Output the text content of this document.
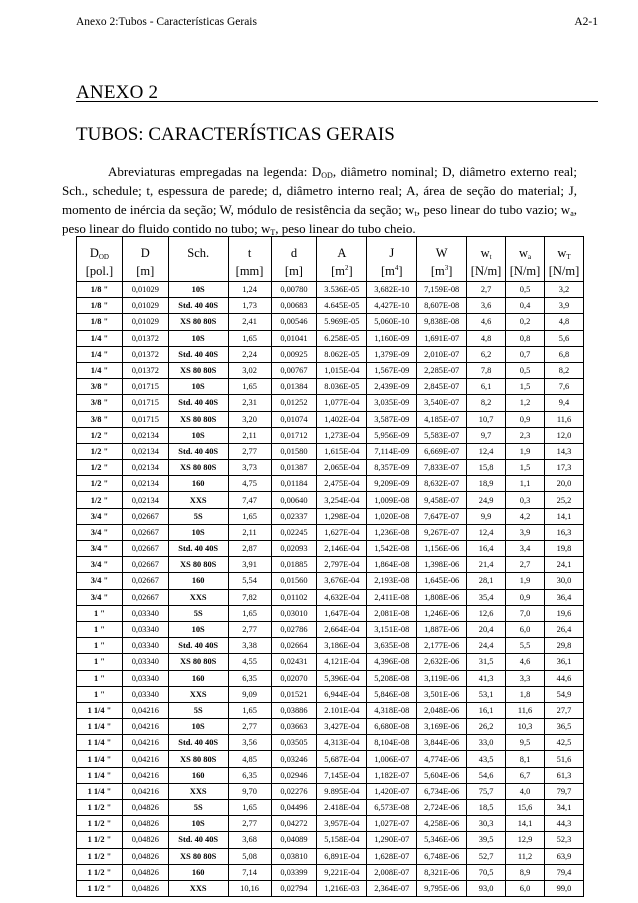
Anexo 2:Tubos - Características Gerais	A2-1
ANEXO 2
TUBOS: CARACTERÍSTICAS GERAIS
Abreviaturas empregadas na legenda: $D_{OD}$, diâmetro nominal; D, diâmetro externo real; Sch., schedule; t, espessura de parede; d, diâmetro interno real; A, área de seção do material; J, momento de inércia da seção; W, módulo de resistência da seção; $w_t$, peso linear do tubo vazio; $w_a$, peso linear do fluido contido no tubo; $w_T$, peso linear do tubo cheio.
$D_{OD}$	D	Sch.	t	d	A	J	W	$w_t$	$w_a$	$w_T$
[pol.]	[m]		[mm]	[m]	$[m^2]$	$[m^4]$	$[m^3]$	[N/m]	[N/m]	[N/m]
1/8 "	0,01029	10S	1,24	0,00780	3.536E-05	3,682E-10	7,159E-08	2,7	0,5	3,2
1/8 "	0,01029	Std. 40 40S	1,73	0,00683	4.645E-05	4,427E-10	8,607E-08	3,6	0,4	3,9
1/8 "	0,01029	XS 80 80S	2,41	0,00546	5.969E-05	5,060E-10	9,838E-08	4,6	0,2	4,8
1/4 "	0,01372	10S	1,65	0,01041	6.258E-05	1,160E-09	1,691E-07	4,8	0,8	5,6
1/4 "	0,01372	Std. 40 40S	2,24	0,00925	8.062E-05	1,379E-09	2,010E-07	6,2	0,7	6,8
1/4 "	0,01372	XS 80 80S	3,02	0,00767	1,015E-04	1,567E-09	2,285E-07	7,8	0,5	8,2
3/8 "	0,01715	10S	1,65	0,01384	8.036E-05	2,439E-09	2,845E-07	6,1	1,5	7,6
3/8 "	0,01715	Std. 40 40S	2,31	0,01252	1,077E-04	3,035E-09	3,540E-07	8,2	1,2	9,4
3/8 "	0,01715	XS 80 80S	3,20	0,01074	1,402E-04	3,587E-09	4,185E-07	10,7	0,9	11,6
1/2 "	0,02134	10S	2,11	0,01712	1,273E-04	5,956E-09	5,583E-07	9,7	2,3	12,0
1/2 "	0,02134	Std. 40 40S	2,77	0,01580	1,615E-04	7,114E-09	6,669E-07	12,4	1,9	14,3
1/2 "	0,02134	XS 80 80S	3,73	0,01387	2,065E-04	8,357E-09	7,833E-07	15,8	1,5	17,3
1/2 "	0,02134	160	4,75	0,01184	2,475E-04	9,209E-09	8,632E-07	18,9	1,1	20,0
1/2 "	0,02134	XXS	7,47	0,00640	3,254E-04	1,009E-08	9,458E-07	24,9	0,3	25,2
3/4 "	0,02667	5S	1,65	0,02337	1,298E-04	1,020E-08	7,647E-07	9,9	4,2	14,1
3/4 "	0,02667	10S	2,11	0,02245	1,627E-04	1,236E-08	9,267E-07	12,4	3,9	16,3
3/4 "	0,02667	Std. 40 40S	2,87	0,02093	2,146E-04	1,542E-08	1,156E-06	16,4	3,4	19,8
3/4 "	0,02667	XS 80 80S	3,91	0,01885	2,797E-04	1,864E-08	1,398E-06	21,4	2,7	24,1
3/4 "	0,02667	160	5,54	0,01560	3,676E-04	2,193E-08	1,645E-06	28,1	1,9	30,0
3/4 "	0,02667	XXS	7,82	0,01102	4,632E-04	2,411E-08	1,808E-06	35,4	0,9	36,4
1 "	0,03340	5S	1,65	0,03010	1,647E-04	2,081E-08	1,246E-06	12,6	7,0	19,6
1 "	0,03340	10S	2,77	0,02786	2,664E-04	3,151E-08	1,887E-06	20,4	6,0	26,4
1 "	0,03340	Std. 40 40S	3,38	0,02664	3,186E-04	3,635E-08	2,177E-06	24,4	5,5	29,8
1 "	0,03340	XS 80 80S	4,55	0,02431	4,121E-04	4,396E-08	2,632E-06	31,5	4,6	36,1
1 "	0,03340	160	6,35	0,02070	5,396E-04	5,208E-08	3,119E-06	41,3	3,3	44,6
1 "	0,03340	XXS	9,09	0,01521	6,944E-04	5,846E-08	3,501E-06	53,1	1,8	54,9
1 1/4 "	0,04216	5S	1,65	0,03886	2.101E-04	4,318E-08	2,048E-06	16,1	11,6	27,7
1 1/4 "	0,04216	10S	2,77	0,03663	3,427E-04	6,680E-08	3,169E-06	26,2	10,3	36,5
1 1/4 "	0,04216	Std. 40 40S	3,56	0,03505	4,313E-04	8,104E-08	3,844E-06	33,0	9,5	42,5
1 1/4 "	0,04216	XS 80 80S	4,85	0,03246	5,687E-04	1,006E-07	4,774E-06	43,5	8,1	51,6
1 1/4 "	0,04216	160	6,35	0,02946	7,145E-04	1,182E-07	5,604E-06	54,6	6,7	61,3
1 1/4 "	0,04216	XXS	9,70	0,02276	9.895E-04	1,420E-07	6,734E-06	75,7	4,0	79,7
1 1/2 "	0,04826	5S	1,65	0,04496	2.418E-04	6,573E-08	2,724E-06	18,5	15,6	34,1
1 1/2 "	0,04826	10S	2,77	0,04272	3,957E-04	1,027E-07	4,258E-06	30,3	14,1	44,3
1 1/2 "	0,04826	Std. 40 40S	3,68	0,04089	5,158E-04	1,290E-07	5,346E-06	39,5	12,9	52,3
1 1/2 "	0,04826	XS 80 80S	5,08	0,03810	6,891E-04	1,628E-07	6,748E-06	52,7	11,2	63,9
1 1/2 "	0,04826	160	7,14	0,03399	9,221E-04	2,008E-07	8,321E-06	70,5	8,9	79,4
1 1/2 "	0,04826	XXS	10,16	0,02794	1,216E-03	2,364E-07	9,795E-06	93,0	6,0	99,0
